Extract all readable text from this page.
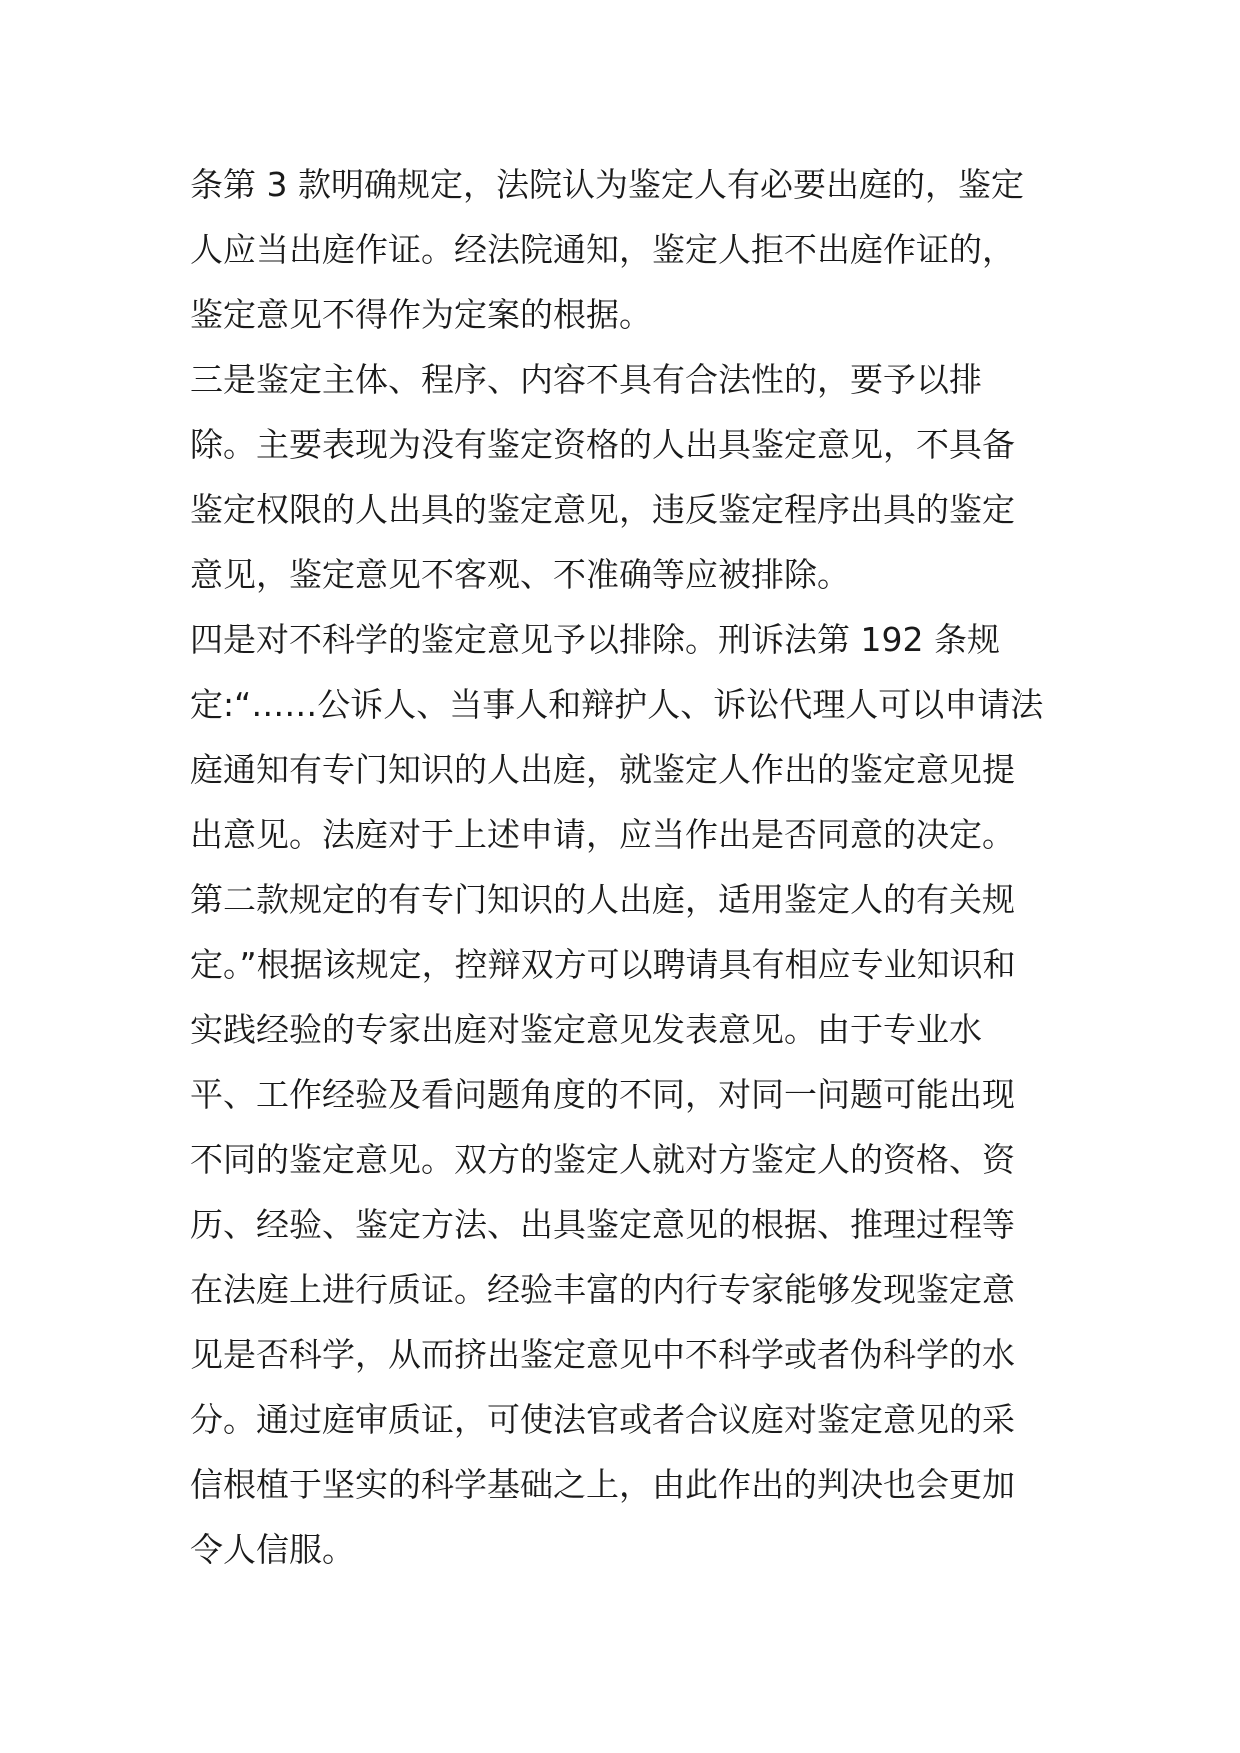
条第 3 款明确规定，法院认为鉴定人有必要出庭的，鉴定
人应当出庭作证。经法院通知，鉴定人拒不出庭作证的，
鉴定意见不得作为定案的根据。
三是鉴定主体、程序、内容不具有合法性的，要予以排
除。主要表现为没有鉴定资格的人出具鉴定意见，不具备
鉴定权限的人出具的鉴定意见，违反鉴定程序出具的鉴定
意见，鉴定意见不客观、不准确等应被排除。
四是对不科学的鉴定意见予以排除。刑诉法第 192 条规
定:“……公诉人、当事人和辩护人、诉讼代理人可以申请法
庭通知有专门知识的人出庭，就鉴定人作出的鉴定意见提
出意见。法庭对于上述申请，应当作出是否同意的决定。
第二款规定的有专门知识的人出庭，适用鉴定人的有关规
定。”根据该规定，控辩双方可以聘请具有相应专业知识和
实践经验的专家出庭对鉴定意见发表意见。由于专业水
平、工作经验及看问题角度的不同，对同一问题可能出现
不同的鉴定意见。双方的鉴定人就对方鉴定人的资格、资
历、经验、鉴定方法、出具鉴定意见的根据、推理过程等
在法庭上进行质证。经验丰富的内行专家能够发现鉴定意
见是否科学，从而挤出鉴定意见中不科学或者伪科学的水
分。通过庭审质证，可使法官或者合议庭对鉴定意见的采
信根植于坚实的科学基础之上，由此作出的判决也会更加
令人信服。
